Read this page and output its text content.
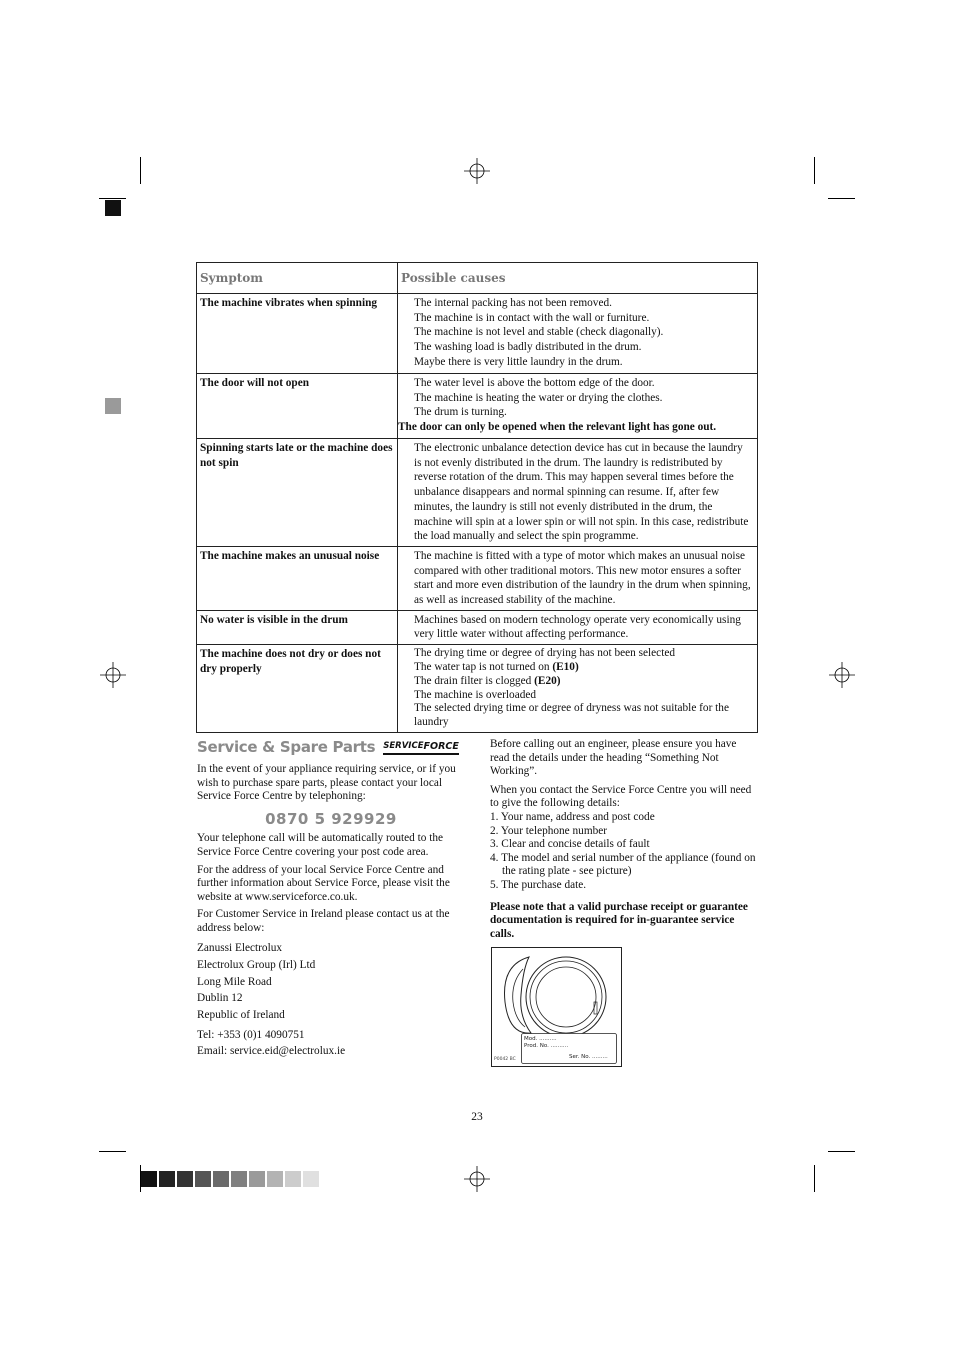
Symptom	Possible causes
The machine vibrates when spinning	The internal packing has not been removed.
The machine is in contact with the wall or furniture.
The machine is not level and stable (check diagonally).
The washing load is badly distributed in the drum.
Maybe there is very little laundry in the drum.

The door will not open	The water level is above the bottom edge of the door.
The machine is heating the water or drying the clothes.
The drum is turning.
The door can only be opened when the relevant light has gone out.

Spinning starts late or the machine does not spin	The electronic unbalance detection device has cut in because the laundry is not evenly distributed in the drum. The laundry is redistributed by reverse rotation of the drum. This may happen several times before the unbalance disappears and normal spinning can resume. If, after few minutes, the laundry is still not evenly distributed in the drum, the machine will spin at a lower spin or will not spin. In this case, redistribute the load manually and select the spin programme.

The machine makes an unusual noise	The machine is fitted with a type of motor which makes an unusual noise compared with other traditional motors. This new motor ensures a softer start and more even distribution of the laundry in the drum when spinning, as well as increased stability of the machine.

No water is visible in the drum	Machines based on modern technology operate very economically using very little water without affecting performance.

The machine does not dry or does not dry properly	The drying time or degree of drying has not been selected
The water tap is not turned on (E10)
The drain filter is clogged (E20)
The machine is overloaded
The selected drying time or degree of dryness was not suitable for the laundry
Service & Spare Parts SERVICE FORCE

In the event of your appliance requiring service, or if you wish to purchase spare parts, please contact your local Service Force Centre by telephoning:

0870 5 929929

Your telephone call will be automatically routed to the Service Force Centre covering your post code area.

For the address of your local Service Force Centre and further information about Service Force, please visit the website at www.serviceforce.co.uk.

For Customer Service in Ireland please contact us at the address below:

Zanussi Electrolux
Electrolux Group (Irl) Ltd
Long Mile Road
Dublin 12
Republic of Ireland
Tel: +353 (0)1 4090751
Email: service.eid@electrolux.ie

Before calling out an engineer, please ensure you have read the details under the heading “Something Not Working”.

When you contact the Service Force Centre you will need to give the following details:

1. Your name, address and post code
2. Your telephone number
3. Clear and concise details of fault
4. The model and serial number of the appliance (found on the rating plate - see picture)
5. The purchase date.

Please note that a valid purchase receipt or guarantee documentation is required for in-guarantee service calls.

Mod. ..........
Prod. No. ..........
Ser. No. .........
P0042 BC
23
